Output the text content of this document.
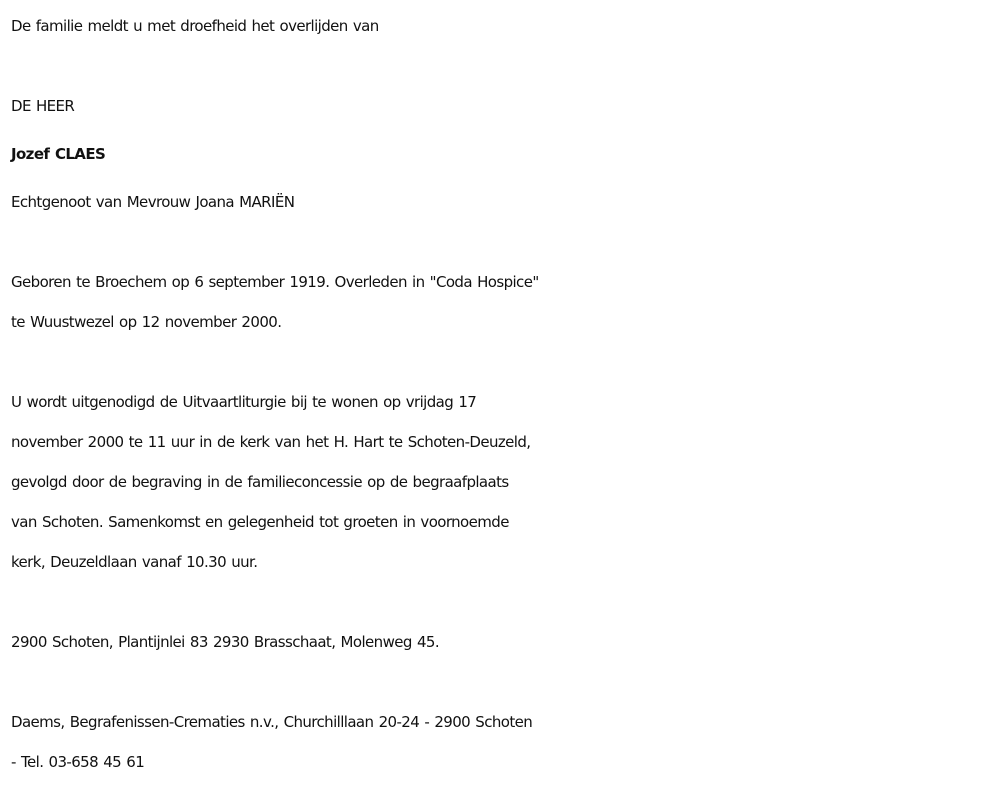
De familie meldt u met droefheid het overlijden van
DE HEER
Jozef CLAES
Echtgenoot van Mevrouw Joana MARIËN
Geboren te Broechem op 6 september 1919. Overleden in "Coda Hospice"
te Wuustwezel op 12 november 2000.
U wordt uitgenodigd de Uitvaartliturgie bij te wonen op vrijdag 17
november 2000 te 11 uur in de kerk van het H. Hart te Schoten-Deuzeld,
gevolgd door de begraving in de familieconcessie op de begraafplaats
van Schoten. Samenkomst en gelegenheid tot groeten in voornoemde
kerk, Deuzeldlaan vanaf 10.30 uur.
2900 Schoten, Plantijnlei 83 2930 Brasschaat, Molenweg 45.
Daems, Begrafenissen-Crematies n.v., Churchilllaan 20-24 - 2900 Schoten
- Tel. 03-658 45 61
